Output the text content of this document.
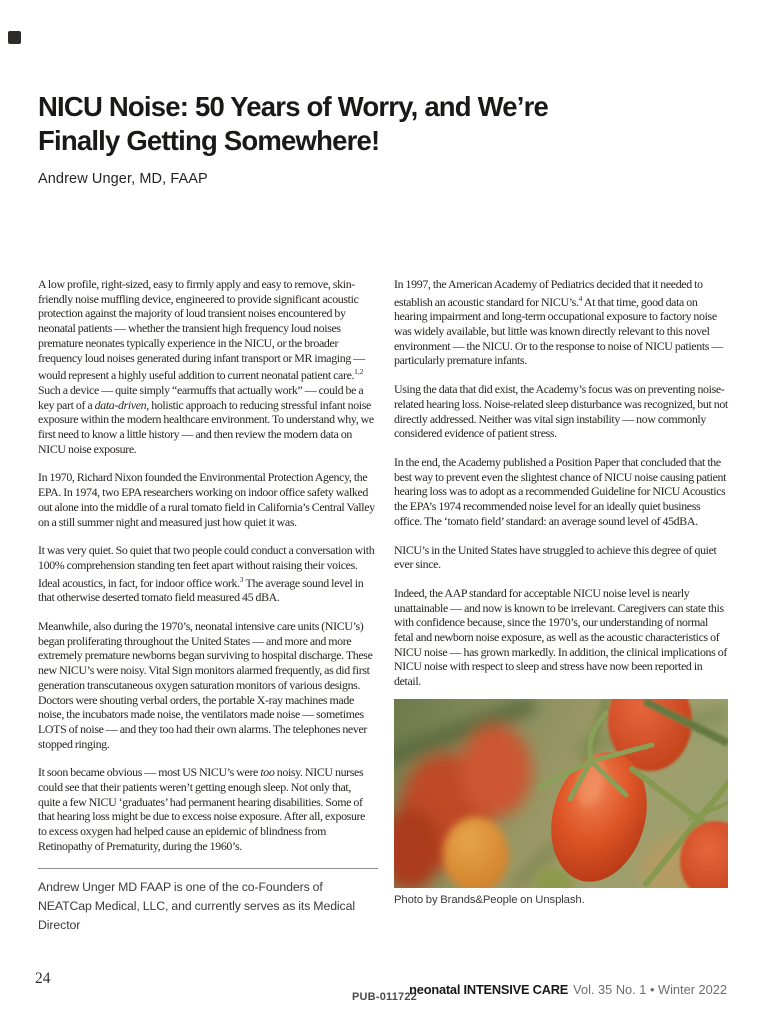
NICU Noise: 50 Years of Worry, and We’re
Finally Getting Somewhere!
Andrew Unger, MD, FAAP

A low profile, right-sized, easy to firmly apply and easy to remove, skin-friendly noise muffling device, engineered to provide significant acoustic protection against the majority of loud transient noises encountered by neonatal patients — whether the transient high frequency loud noises premature neonates typically experience in the NICU, or the broader frequency loud noises generated during infant transport or MR imaging — would represent a highly useful addition to current neonatal patient care.$^{1,2}$ Such a device — quite simply “earmuffs that actually work” — could be a key part of a data-driven, holistic approach to reducing stressful infant noise exposure within the modern healthcare environment. To understand why, we first need to know a little history — and then review the modern data on NICU noise exposure.

In 1970, Richard Nixon founded the Environmental Protection Agency, the EPA. In 1974, two EPA researchers working on indoor office safety walked out alone into the middle of a rural tomato field in California’s Central Valley on a still summer night and measured just how quiet it was.

It was very quiet. So quiet that two people could conduct a conversation with 100% comprehension standing ten feet apart without raising their voices. Ideal acoustics, in fact, for indoor office work.$^3$ The average sound level in that otherwise deserted tomato field measured 45 dBA.

Meanwhile, also during the 1970’s, neonatal intensive care units (NICU’s) began proliferating throughout the United States — and more and more extremely premature newborns began surviving to hospital discharge. These new NICU’s were noisy. Vital Sign monitors alarmed frequently, as did first generation transcutaneous oxygen saturation monitors of various designs. Doctors were shouting verbal orders, the portable X-ray machines made noise, the incubators made noise, the ventilators made noise — sometimes LOTS of noise — and they too had their own alarms. The telephones never stopped ringing.

It soon became obvious — most US NICU’s were too noisy. NICU nurses could see that their patients weren’t getting enough sleep. Not only that, quite a few NICU ‘graduates’ had permanent hearing disabilities. Some of that hearing loss might be due to excess noise exposure. After all, exposure to excess oxygen had helped cause an epidemic of blindness from Retinopathy of Prematurity, during the 1960’s.

Andrew Unger MD FAAP is one of the co-Founders of NEATCap Medical, LLC, and currently serves as its Medical Director

In 1997, the American Academy of Pediatrics decided that it needed to establish an acoustic standard for NICU’s.$^4$ At that time, good data on hearing impairment and long-term occupational exposure to factory noise was widely available, but little was known directly relevant to this novel environment — the NICU. Or to the response to noise of NICU patients — particularly premature infants.

Using the data that did exist, the Academy’s focus was on preventing noise-related hearing loss. Noise-related sleep disturbance was recognized, but not directly addressed. Neither was vital sign instability — now commonly considered evidence of patient stress.

In the end, the Academy published a Position Paper that concluded that the best way to prevent even the slightest chance of NICU noise causing patient hearing loss was to adopt as a recommended Guideline for NICU Acoustics the EPA’s 1974 recommended noise level for an ideally quiet business office. The ‘tomato field’ standard: an average sound level of 45dBA.

NICU’s in the United States have struggled to achieve this degree of quiet ever since.

Indeed, the AAP standard for acceptable NICU noise level is nearly unattainable — and now is known to be irrelevant. Caregivers can state this with confidence because, since the 1970’s, our understanding of normal fetal and newborn noise exposure, as well as the acoustic characteristics of NICU noise — has grown markedly. In addition, the clinical implications of NICU noise with respect to sleep and stress have now been reported in detail.

Photo by Brands&People on Unsplash.
24
PUB-011722
neonatal INTENSIVE CARE Vol. 35 No. 1 • Winter 2022
